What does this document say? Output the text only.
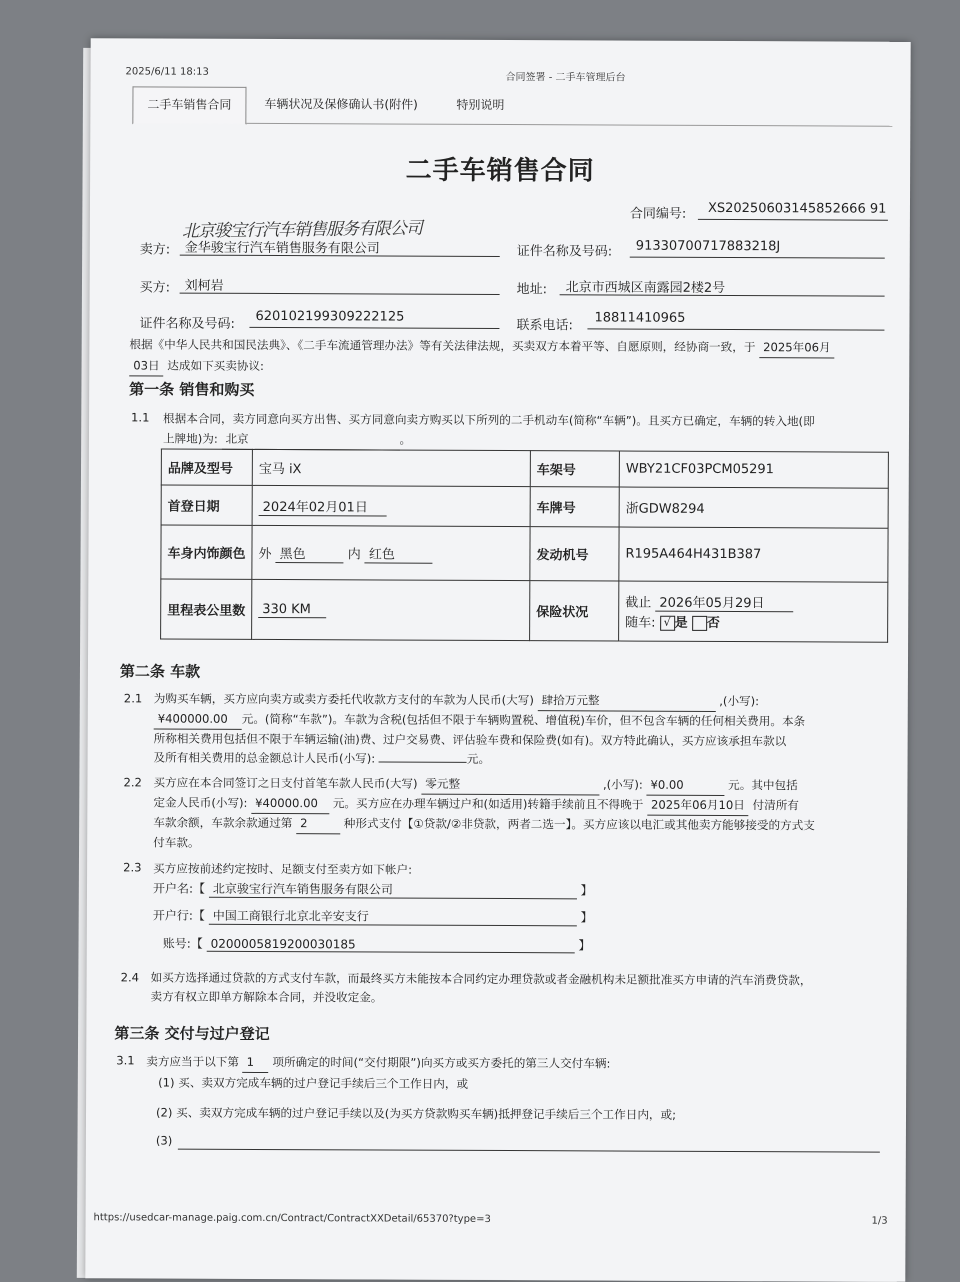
2025/6/11 18:13	合同签署 - 二手车管理后台
二手车销售合同	车辆状况及保修确认书(附件)	特别说明
二手车销售合同
合同编号: XS20250603145852666 91
北京骏宝行汽车销售服务有限公司
卖方: 金华骏宝行汽车销售服务有限公司	证件名称及号码: 91330700717883218J
买方: 刘柯岩	地址: 北京市西城区南露园2楼2号
证件名称及号码: 620102199309222125
联系电话: 18811410965
根据《中华人民共和国民法典》、《二手车流通管理办法》等有关法律法规，买卖双方本着平等、自愿原则，经协商一致，于 2025年06月
03日 达成如下买卖协议:
第一条 销售和购买
1.1 根据本合同，卖方同意向买方出售、买方同意向卖方购买以下所列的二手机动车(简称“车辆”)。且买方已确定，车辆的转入地(即
上牌地)为: 北京	。
品牌及型号	宝马 iX	车架号	WBY21CF03PCM05291
首登日期	2024年02月01日	车牌号	浙GDW8294
车身内饰颜色	外 黑色 内 红色	发动机号	R195A464H431B387
里程表公里数	330 KM	保险状况	截止 2026年05月29日
随车: √ 是 否
第二条 车款
2.1 为购买车辆，买方应向卖方或卖方委托代收款方支付的车款为人民币(大写) 肆拾万元整	,(小写):
¥400000.00 元。(简称“车款”)。车款为含税(包括但不限于车辆购置税、增值税)车价，但不包含车辆的任何相关费用。本条
所称相关费用包括但不限于车辆运输(油)费、过户交易费、评估验车费和保险费(如有)。双方特此确认，买方应该承担车款以
及所有相关费用的总金额总计人民币(小写):	元。
2.2 买方应在本合同签订之日支付首笔车款人民币(大写) 零元整	,(小写): ¥0.00	元。其中包括
定金人民币(小写): ¥40000.00 元。买方应在办理车辆过户和(如适用)转籍手续前且不得晚于 2025年06月10日 付清所有
车款余额，车款余款通过第 2	种形式支付【①贷款/②非贷款，两者二选一】。买方应该以电汇或其他卖方能够接受的方式支
付车款。
2.3 买方应按前述约定按时、足额支付至卖方如下帐户:
开户名:【 北京骏宝行汽车销售服务有限公司	】
开户行:【 中国工商银行北京北辛安支行	】
账号:【 0200005819200030185	】
2.4 如买方选择通过贷款的方式支付车款，而最终买方未能按本合同约定办理贷款或者金融机构未足额批准买方申请的汽车消费贷款，
卖方有权立即单方解除本合同，并没收定金。
第三条 交付与过户登记
3.1 卖方应当于以下第 1 项所确定的时间(“交付期限”)向买方或买方委托的第三人交付车辆:
(1) 买、卖双方完成车辆的过户登记手续后三个工作日内，或
(2) 买、卖双方完成车辆的过户登记手续以及(为买方贷款购买车辆)抵押登记手续后三个工作日内，或;
(3)
https://usedcar-manage.paig.com.cn/Contract/ContractXXDetail/65370?type=3	1/3
